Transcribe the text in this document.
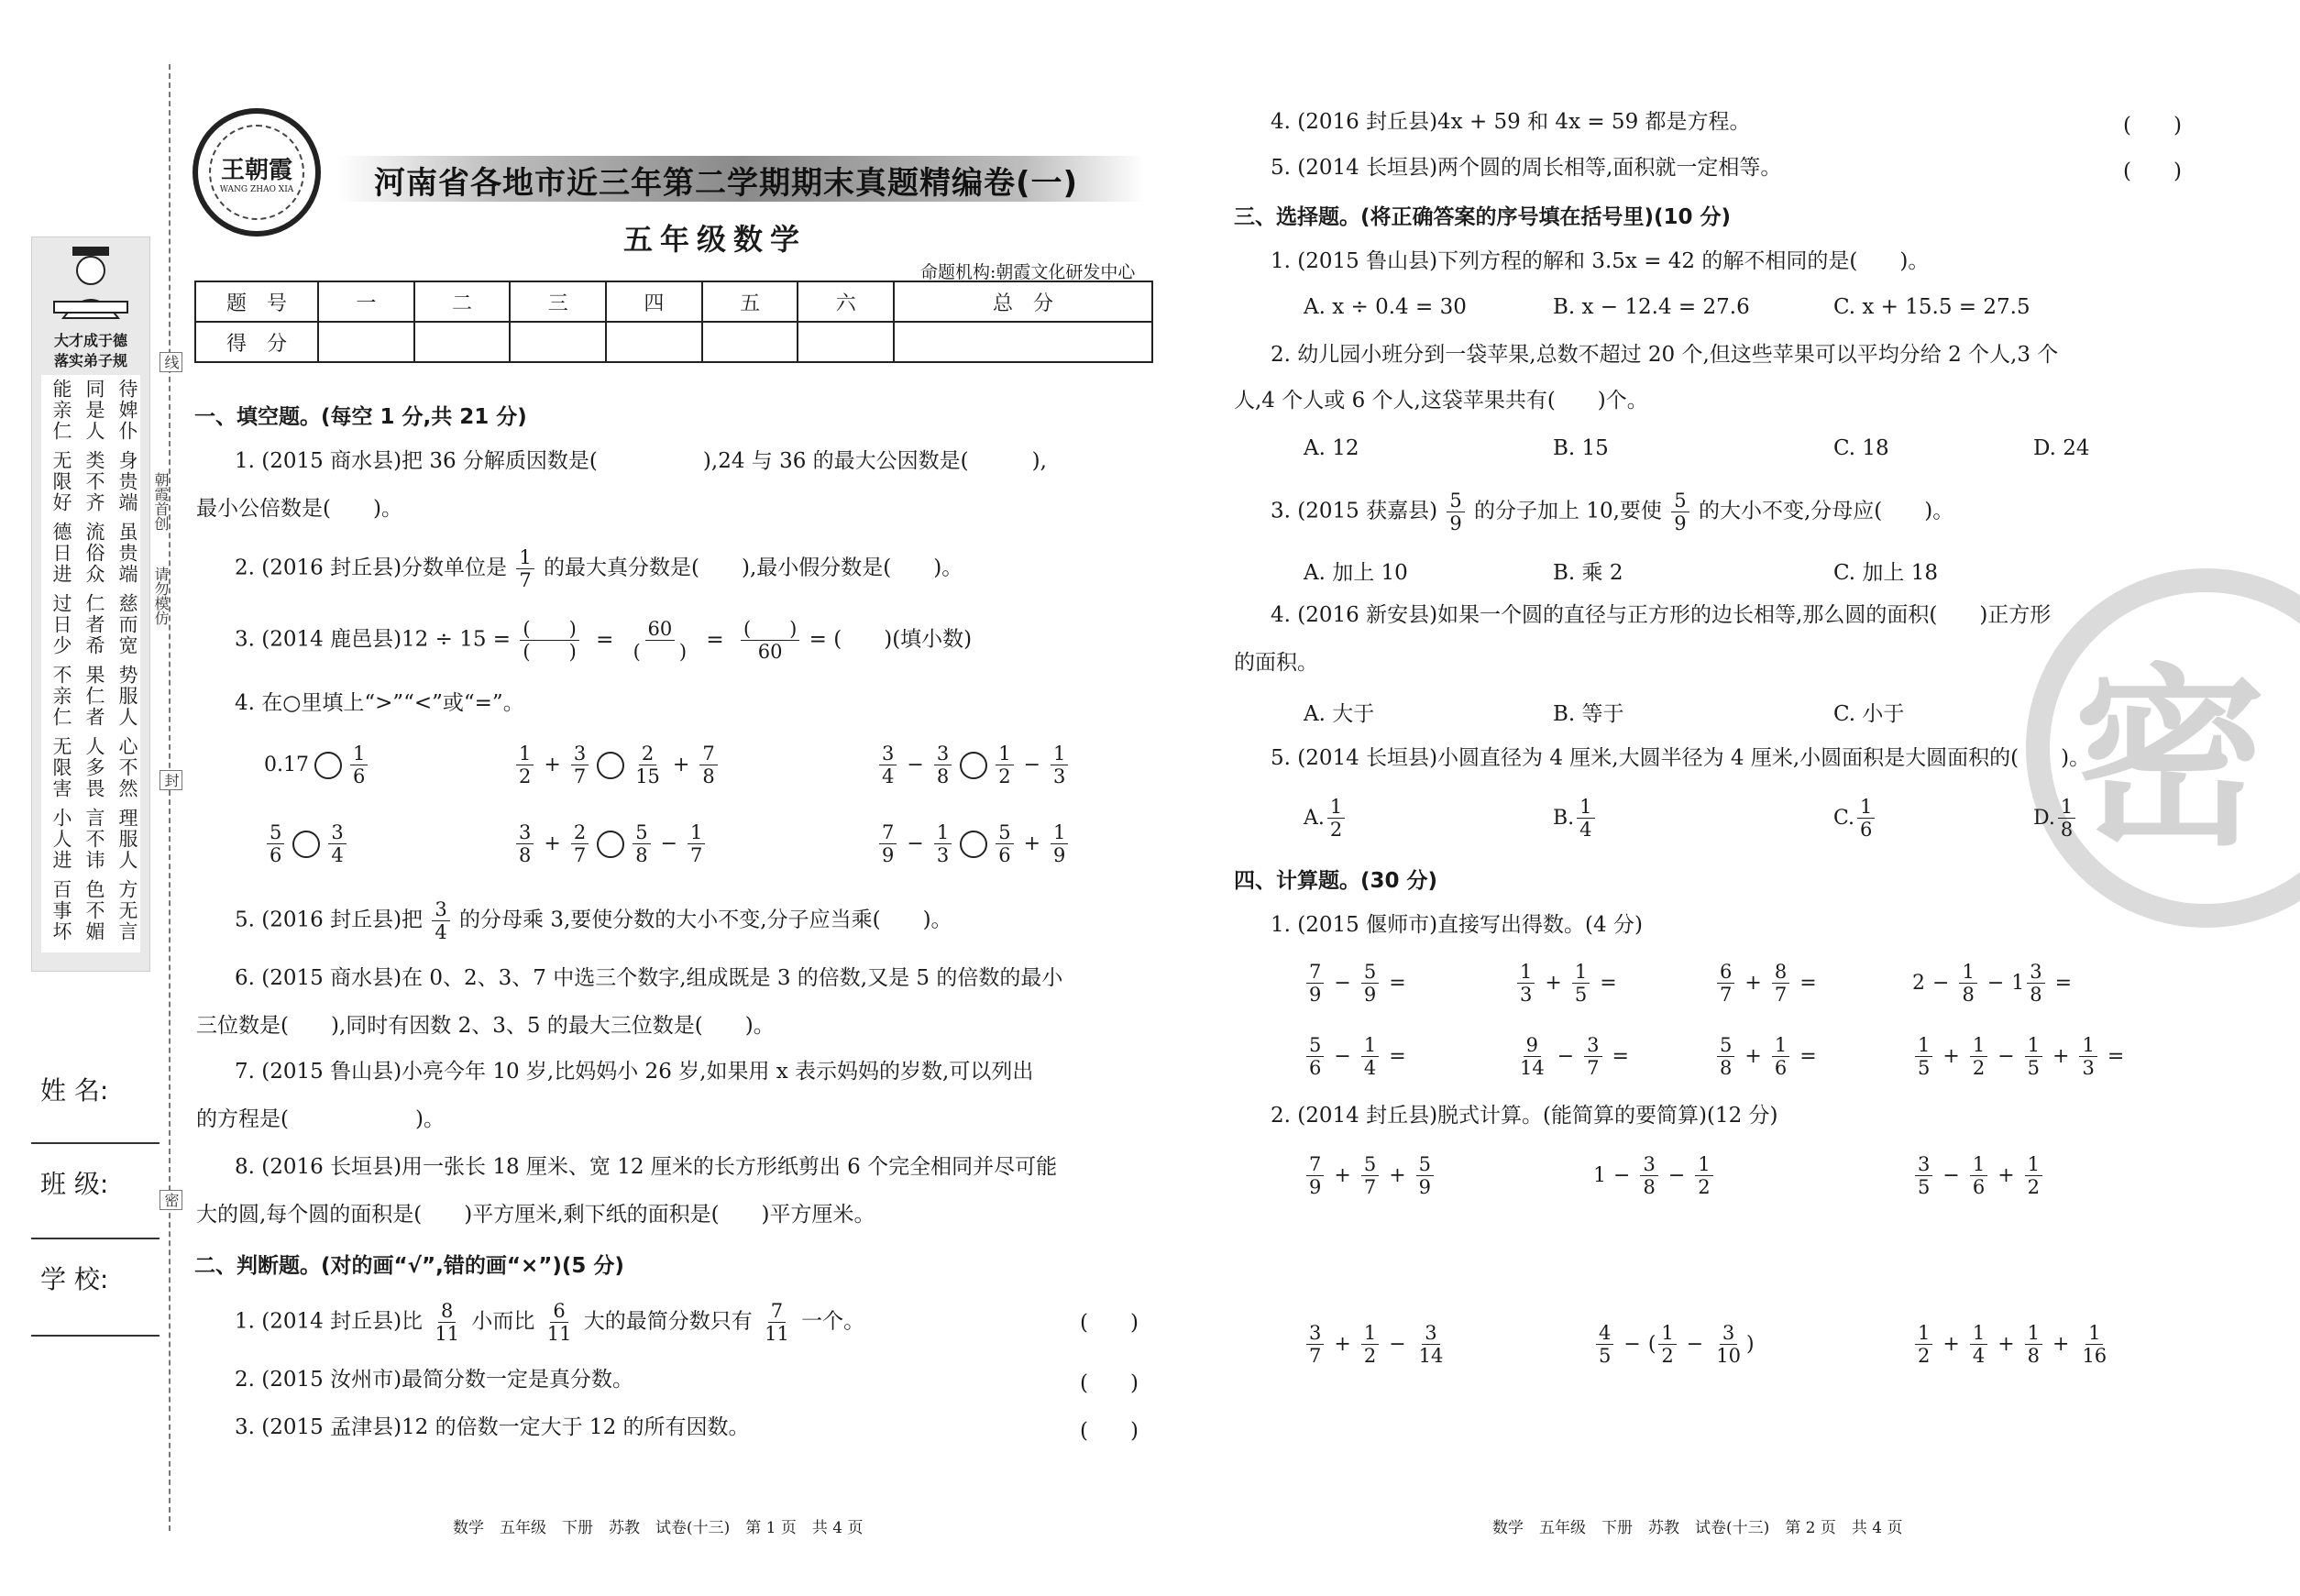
线
封
密
朝霞首创
请勿模仿
大才成于德
落实弟子规
待婢仆
同是人
能亲仁
身贵端
类不齐
无限好
虽贵端
流俗众
德日进
慈而宽
仁者希
过日少
势服人
果仁者
不亲仁
心不然
人多畏
无限害
理服人
言不讳
小人进
方无言
色不媚
百事坏
姓 名:
班 级:
学 校:
王朝霞
WANG ZHAO XIA	河南省各地市近三年第二学期期末真题精编卷(一)
五年级数学
命题机构:朝霞文化研发中心
题　号	一	二	三	四	五	六	总　分
得　分							
一、填空题。(每空 1 分,共 21 分)
1. (2015 商水县)把 36 分解质因数是(　　　　　),24 与 36 的最大公因数是(　　　),
最小公倍数是(　　)。
2. (2016 封丘县)分数单位是 $\frac{1}{7}$ 的最大真分数是(　　),最小假分数是(　　)。
3. (2014 鹿邑县)$12 \div 15 = \frac{( )}{( )} = \frac{60}{( )} = \frac{( )}{60}$ = (　　)(填小数)
4. 在○里填上“>”“<”或“=”。
$0.17 \frac{1}{6}$	$\frac{1}{2} + \frac{3}{7} \frac{2}{15} + \frac{7}{8}$	$\frac{3}{4} - \frac{3}{8} \frac{1}{2} - \frac{1}{3}$
$\frac{5}{6} \frac{3}{4}$	$\frac{3}{8} + \frac{2}{7} \frac{5}{8} - \frac{1}{7}$	$\frac{7}{9} - \frac{1}{3} \frac{5}{6} + \frac{1}{9}$
5. (2016 封丘县)把 $\frac{3}{4}$ 的分母乘 3,要使分数的大小不变,分子应当乘(　　)。
6. (2015 商水县)在 0、2、3、7 中选三个数字,组成既是 3 的倍数,又是 5 的倍数的最小
三位数是(　　),同时有因数 2、3、5 的最大三位数是(　　)。
7. (2015 鲁山县)小亮今年 10 岁,比妈妈小 26 岁,如果用 x 表示妈妈的岁数,可以列出
的方程是(　　　　　　)。
8. (2016 长垣县)用一张长 18 厘米、宽 12 厘米的长方形纸剪出 6 个完全相同并尽可能
大的圆,每个圆的面积是(　　)平方厘米,剩下纸的面积是(　　)平方厘米。
二、判断题。(对的画“√”,错的画“×”)(5 分)
1. (2014 封丘县)比 $\frac{8}{11}$ 小而比 $\frac{6}{11}$ 大的最简分数只有 $\frac{7}{11}$ 一个。	(　　)
2. (2015 汝州市)最简分数一定是真分数。	(　　)
3. (2015 孟津县)12 的倍数一定大于 12 的所有因数。	(　　)
数学　五年级　下册　苏教　试卷(十三)　第 1 页　共 4 页
密
4. (2016 封丘县)4x + 59 和 4x = 59 都是方程。	(　　)
5. (2014 长垣县)两个圆的周长相等,面积就一定相等。	(　　)
三、选择题。(将正确答案的序号填在括号里)(10 分)
1. (2015 鲁山县)下列方程的解和 3.5x = 42 的解不相同的是(　　)。
A. x ÷ 0.4 = 30	B. x − 12.4 = 27.6	C. x + 15.5 = 27.5
2. 幼儿园小班分到一袋苹果,总数不超过 20 个,但这些苹果可以平均分给 2 个人,3 个
人,4 个人或 6 个人,这袋苹果共有(　　)个。
A. 12	B. 15	C. 18	D. 24
3. (2015 获嘉县) $\frac{5}{9}$ 的分子加上 10,要使 $\frac{5}{9}$ 的大小不变,分母应(　　)。
A. 加上 10	B. 乘 2	C. 加上 18
4. (2016 新安县)如果一个圆的直径与正方形的边长相等,那么圆的面积(　　)正方形
的面积。
A. 大于	B. 等于	C. 小于
5. (2014 长垣县)小圆直径为 4 厘米,大圆半径为 4 厘米,小圆面积是大圆面积的(　　)。
A. $\frac{1}{2}$	B. $\frac{1}{4}$	C. $\frac{1}{6}$	D. $\frac{1}{8}$
四、计算题。(30 分)
1. (2015 偃师市)直接写出得数。(4 分)
$\frac{7}{9} - \frac{5}{9}$ =	$\frac{1}{3} + \frac{1}{5}$ =	$\frac{6}{7} + \frac{8}{7}$ =	$2 - \frac{1}{8} - 1 \frac{3}{8}$ =
$\frac{5}{6} - \frac{1}{4}$ =	$\frac{9}{14} - \frac{3}{7}$ =	$\frac{5}{8} + \frac{1}{6}$ =	$\frac{1}{5} + \frac{1}{2} - \frac{1}{5} + \frac{1}{3}$ =
2. (2014 封丘县)脱式计算。(能简算的要简算)(12 分)
$\frac{7}{9} + \frac{5}{7} + \frac{5}{9}$	$1 - \frac{3}{8} - \frac{1}{2}$	$\frac{3}{5} - \frac{1}{6} + \frac{1}{2}$
$\frac{3}{7} + \frac{1}{2} - \frac{3}{14}$	$\frac{4}{5}$ − ( $\frac{1}{2} - \frac{3}{10}$ )	$\frac{1}{2} + \frac{1}{4} + \frac{1}{8} + \frac{1}{16}$
数学　五年级　下册　苏教　试卷(十三)　第 2 页　共 4 页
